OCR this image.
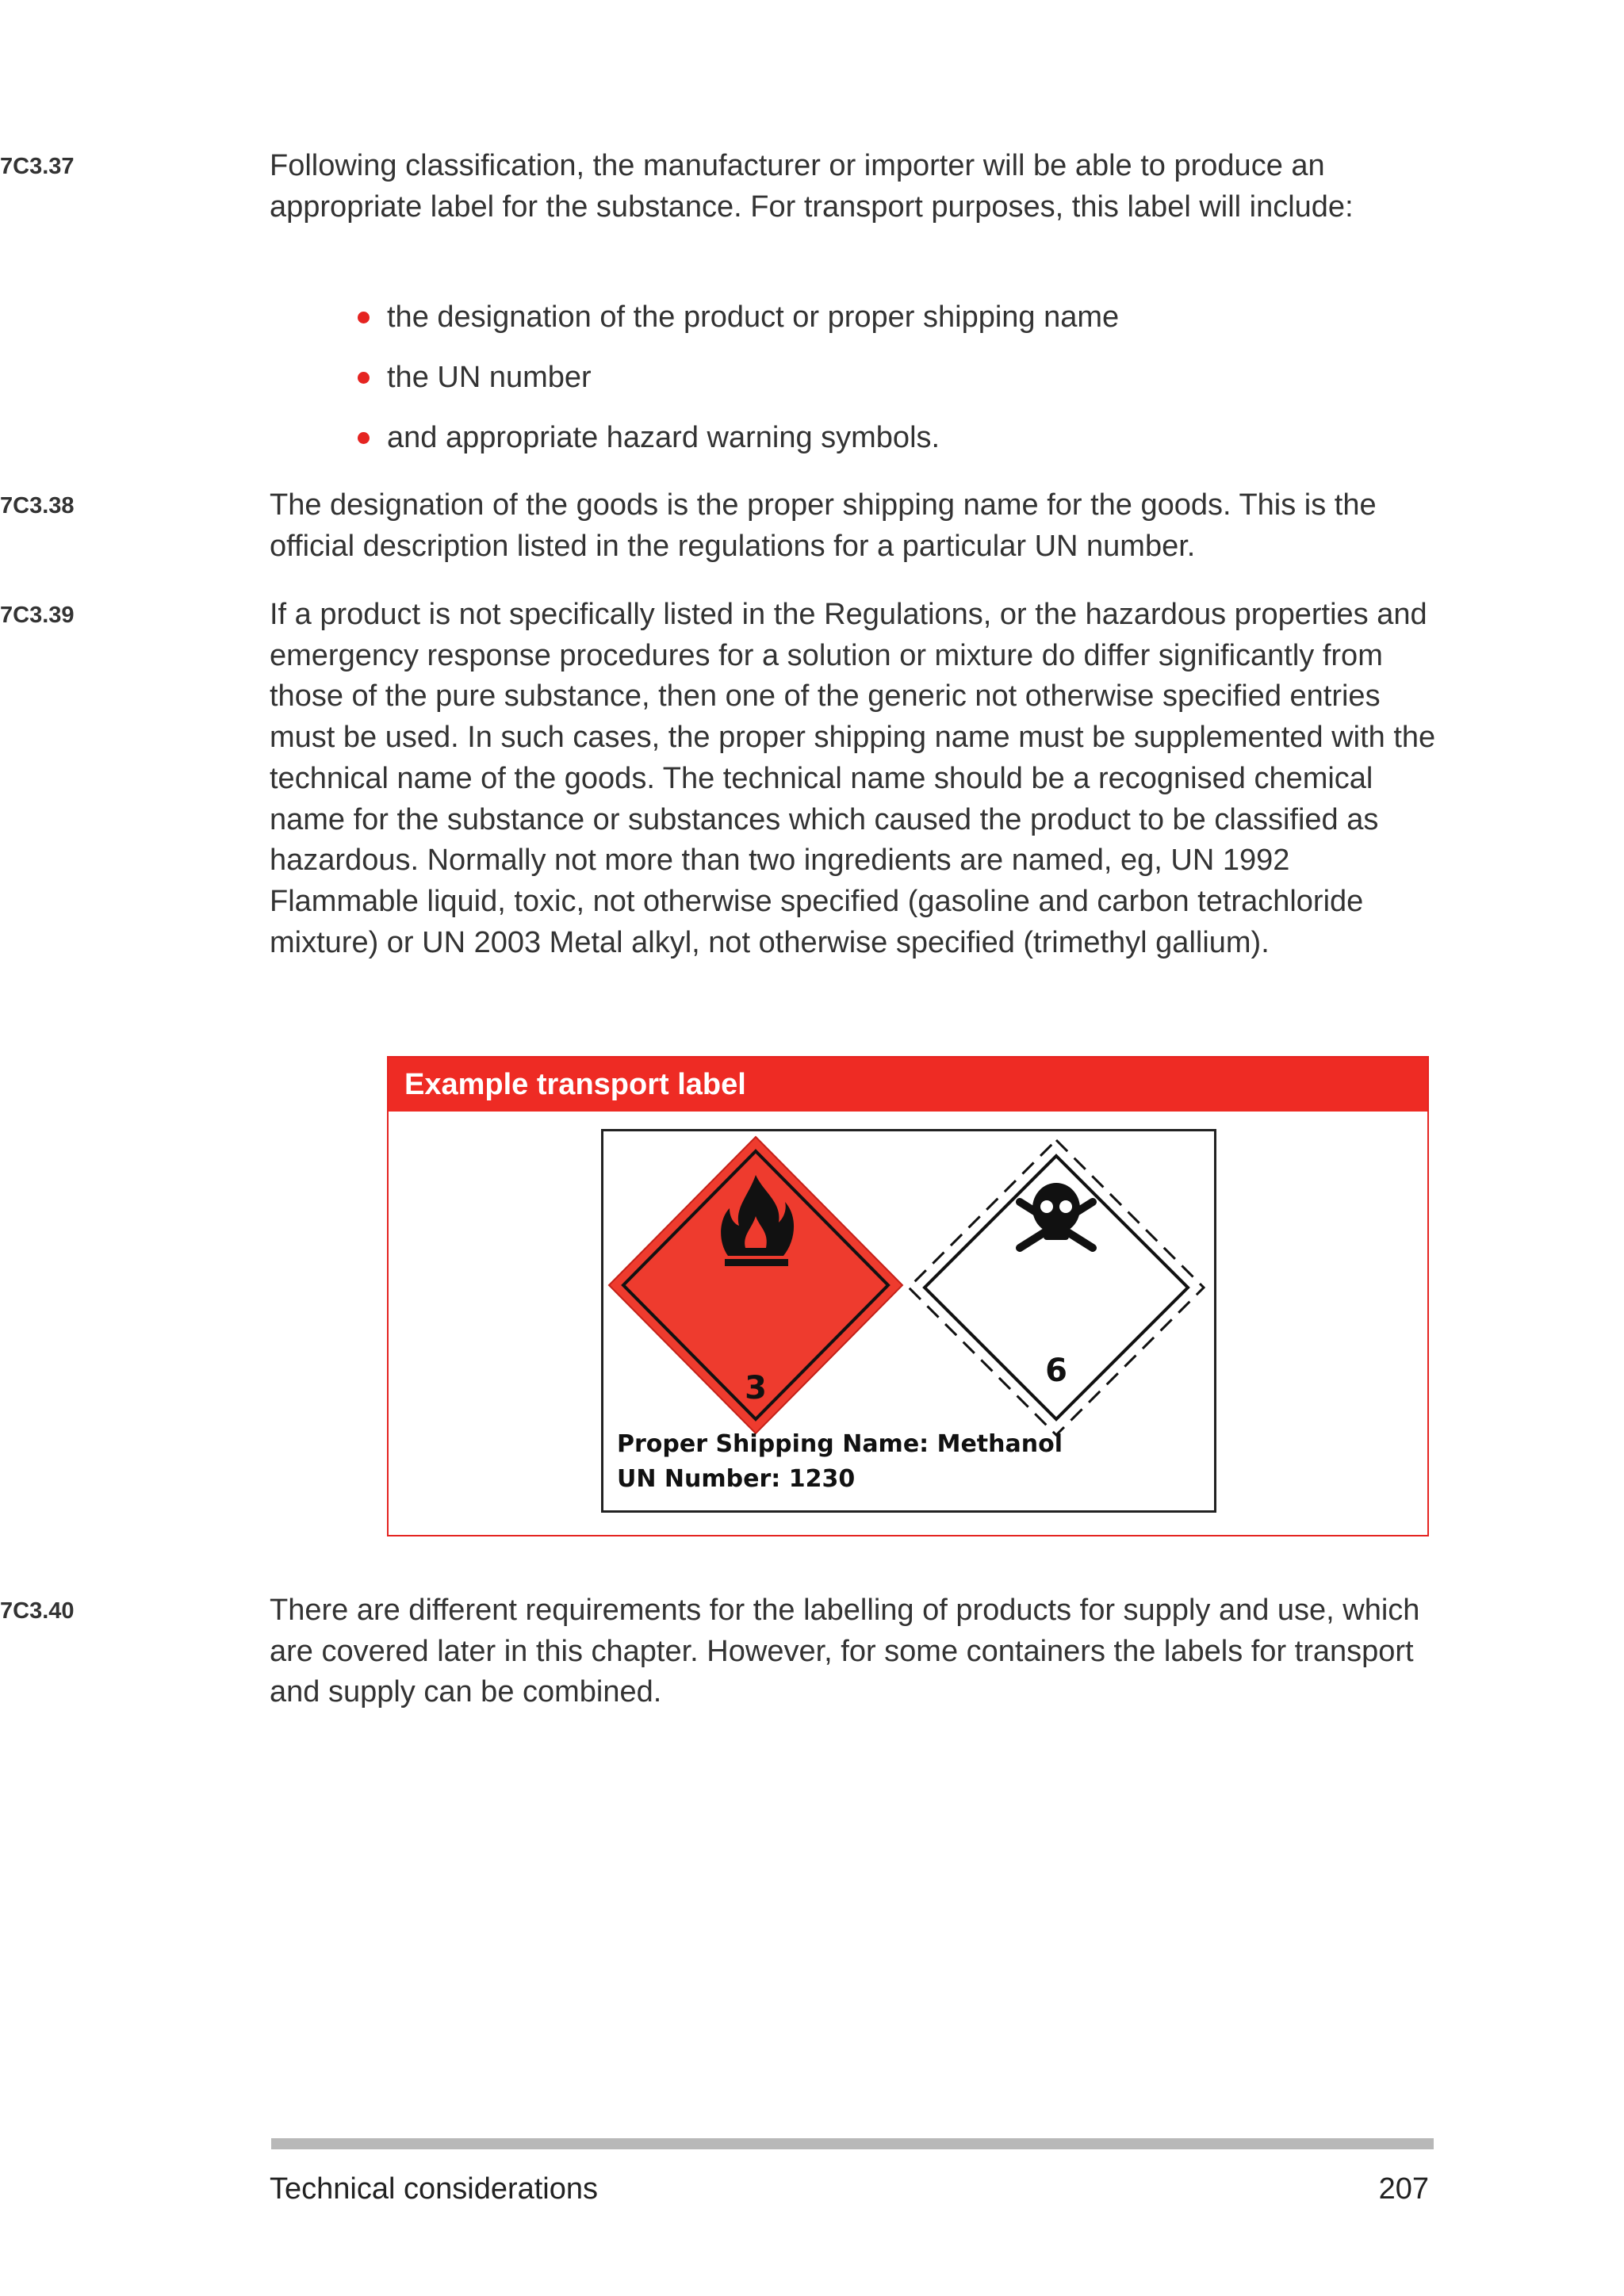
7C3.37	Following classification, the manufacturer or importer will be able to produce an appropriate label for the substance. For transport purposes, this label will include:
the designation of the product or proper shipping name
the UN number
and appropriate hazard warning symbols.
7C3.38	The designation of the goods is the proper shipping name for the goods. This is the official description listed in the regulations for a particular UN number.
7C3.39	If a product is not specifically listed in the Regulations, or the hazardous properties and emergency response procedures for a solution or mixture do differ significantly from those of the pure substance, then one of the generic not otherwise specified entries must be used. In such cases, the proper shipping name must be supplemented with the technical name of the goods. The technical name should be a recognised chemical name for the substance or substances which caused the product to be classified as hazardous. Normally not more than two ingredients are named, eg, UN 1992 Flammable liquid, toxic, not otherwise specified (gasoline and carbon tetrachloride mixture) or UN 2003 Metal alkyl, not otherwise specified (trimethyl gallium).
Example transport label
3	6
Proper Shipping Name: Methanol
UN Number: 1230
7C3.40	There are different requirements for the labelling of products for supply and use, which are covered later in this chapter. However, for some containers the labels for transport and supply can be combined.
Technical considerations	207
